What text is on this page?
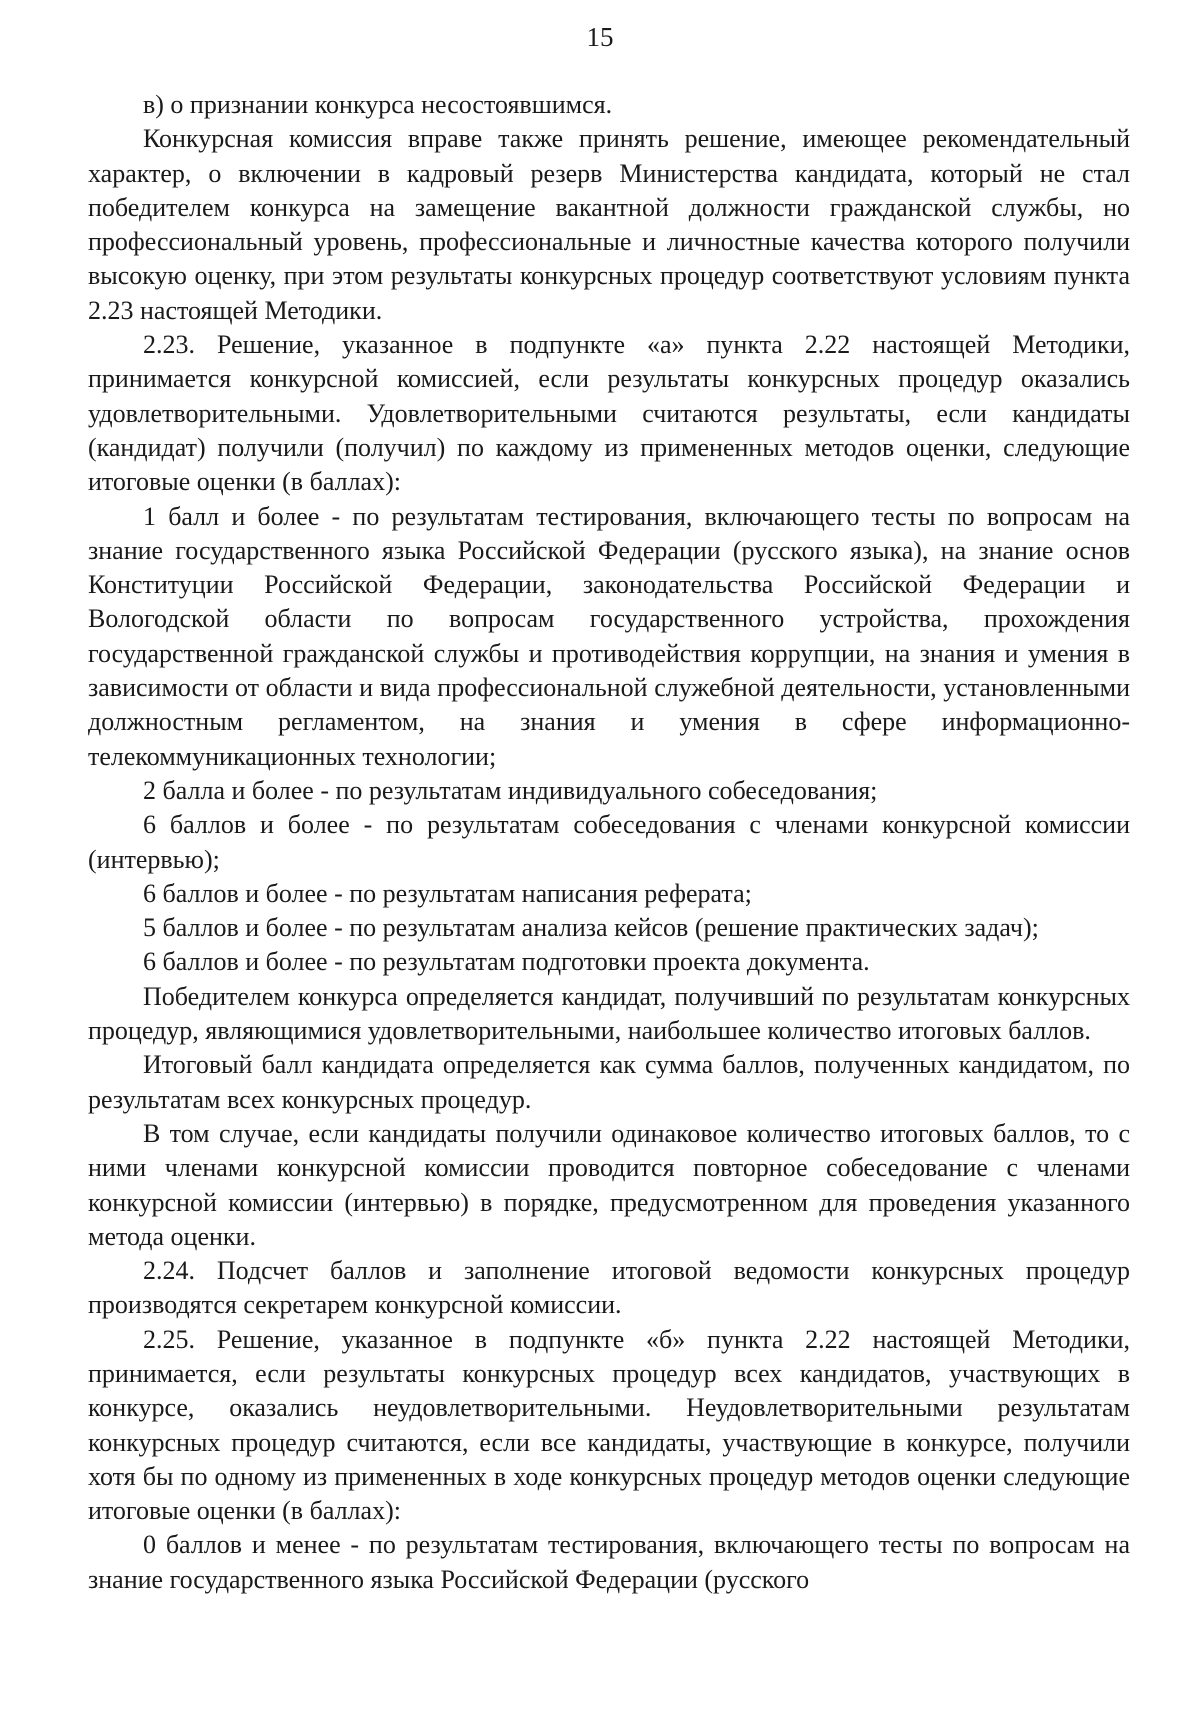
15

в) о признании конкурса несостоявшимся.

Конкурсная комиссия вправе также принять решение, имеющее рекомендательный характер, о включении в кадровый резерв Министерства кандидата, который не стал победителем конкурса на замещение вакантной должности гражданской службы, но профессиональный уровень, профессиональные и личностные качества которого получили высокую оценку, при этом результаты конкурсных процедур соответствуют условиям пункта 2.23 настоящей Методики.

2.23. Решение, указанное в подпункте «а» пункта 2.22 настоящей Методики, принимается конкурсной комиссией, если результаты конкурсных процедур оказались удовлетворительными. Удовлетворительными считаются результаты, если кандидаты (кандидат) получили (получил) по каждому из примененных методов оценки, следующие итоговые оценки (в баллах):

1 балл и более - по результатам тестирования, включающего тесты по вопросам на знание государственного языка Российской Федерации (русского языка), на знание основ Конституции Российской Федерации, законодательства Российской Федерации и Вологодской области по вопросам государственного устройства, прохождения государственной гражданской службы и противодействия коррупции, на знания и умения в зависимости от области и вида профессиональной служебной деятельности, установленными должностным регламентом, на знания и умения в сфере информационно-телекоммуникационных технологии;

2 балла и более - по результатам индивидуального собеседования;

6 баллов и более - по результатам собеседования с членами конкурсной комиссии (интервью);

6 баллов и более - по результатам написания реферата;

5 баллов и более - по результатам анализа кейсов (решение практических задач);

6 баллов и более - по результатам подготовки проекта документа.

Победителем конкурса определяется кандидат, получивший по результатам конкурсных процедур, являющимися удовлетворительными, наибольшее количество итоговых баллов.

Итоговый балл кандидата определяется как сумма баллов, полученных кандидатом, по результатам всех конкурсных процедур.

В том случае, если кандидаты получили одинаковое количество итоговых баллов, то с ними членами конкурсной комиссии проводится повторное собеседование с членами конкурсной комиссии (интервью) в порядке, предусмотренном для проведения указанного метода оценки.

2.24. Подсчет баллов и заполнение итоговой ведомости конкурсных процедур производятся секретарем конкурсной комиссии.

2.25. Решение, указанное в подпункте «б» пункта 2.22 настоящей Методики, принимается, если результаты конкурсных процедур всех кандидатов, участвующих в конкурсе, оказались неудовлетворительными. Неудовлетворительными результатам конкурсных процедур считаются, если все кандидаты, участвующие в конкурсе, получили хотя бы по одному из примененных в ходе конкурсных процедур методов оценки следующие итоговые оценки (в баллах):

0 баллов и менее - по результатам тестирования, включающего тесты по вопросам на знание государственного языка Российской Федерации (русского
